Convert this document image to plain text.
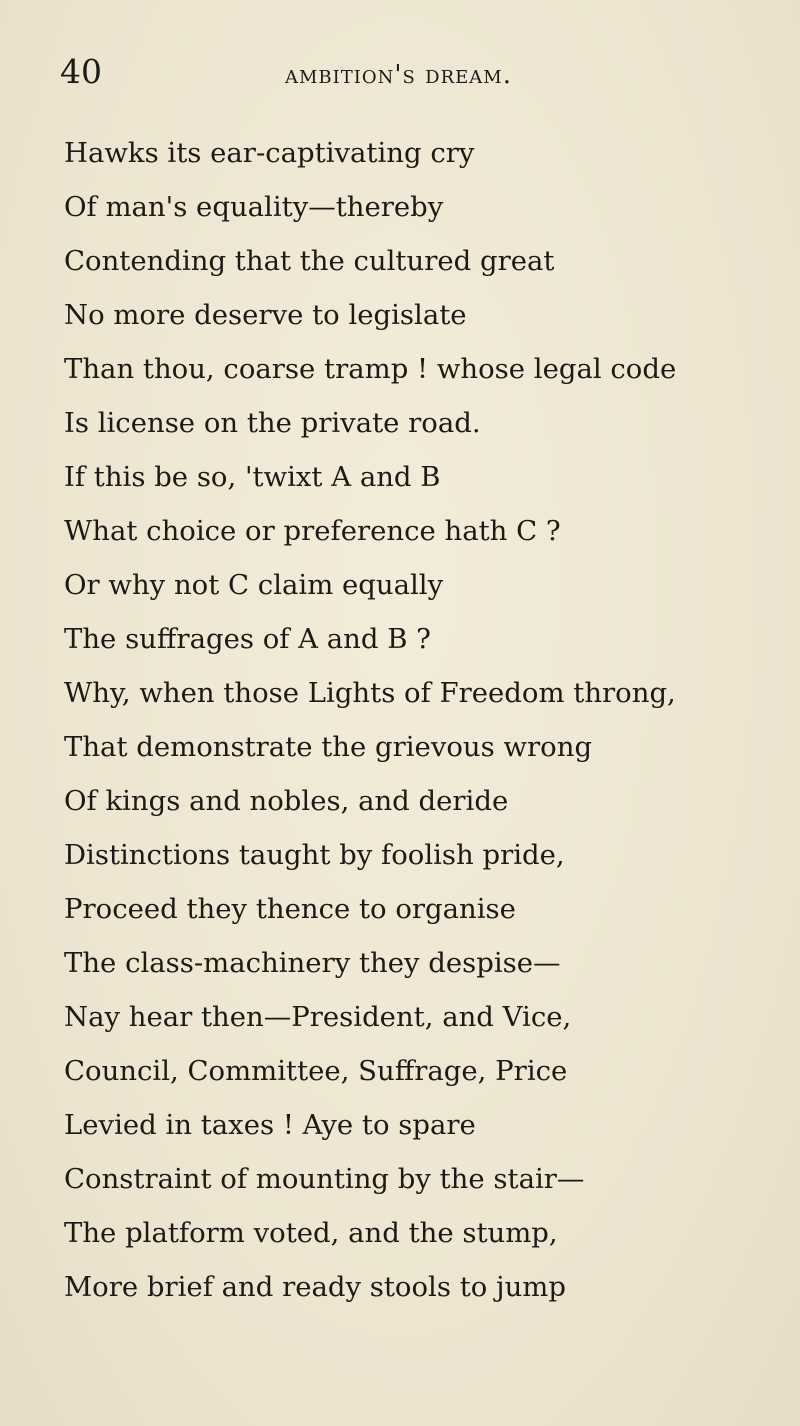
40	ambition's dream.
Hawks its ear-captivating cry
Of man's equality—thereby
Contending that the cultured great
No more deserve to legislate
Than thou, coarse tramp ! whose legal code
Is license on the private road.
If this be so, 'twixt A and B
What choice or preference hath C ?
Or why not C claim equally
The suffrages of A and B ?
Why, when those Lights of Freedom throng,
That demonstrate the grievous wrong
Of kings and nobles, and deride
Distinctions taught by foolish pride,
Proceed they thence to organise
The class-machinery they despise—
Nay hear then—President, and Vice,
Council, Committee, Suffrage, Price
Levied in taxes ! Aye to spare
Constraint of mounting by the stair—
The platform voted, and the stump,
More brief and ready stools to jump
